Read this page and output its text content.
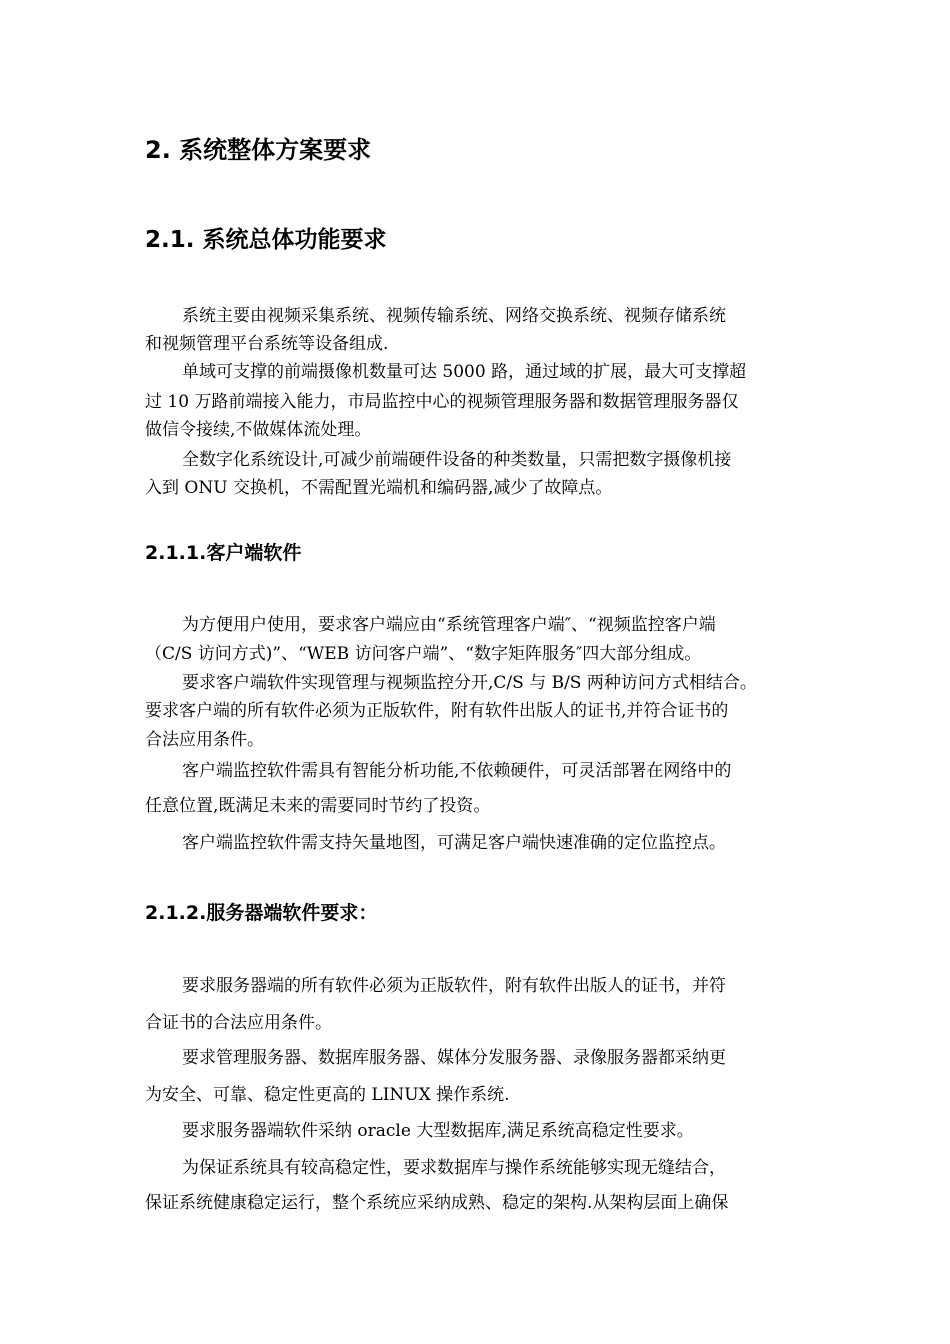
2. 系统整体方案要求
2.1. 系统总体功能要求
系统主要由视频采集系统、视频传输系统、网络交换系统、视频存储系统
和视频管理平台系统等设备组成.
单域可支撑的前端摄像机数量可达 5000 路，通过域的扩展，最大可支撑超
过 10 万路前端接入能力，市局监控中心的视频管理服务器和数据管理服务器仅
做信令接续,不做媒体流处理。
全数字化系统设计,可减少前端硬件设备的种类数量，只需把数字摄像机接
入到 ONU 交换机，不需配置光端机和编码器,减少了故障点。
2.1.1.客户端软件
为方便用户使用，要求客户端应由“系统管理客户端″、“视频监控客户端
（C/S 访问方式)”、“WEB 访问客户端”、“数字矩阵服务″四大部分组成。
要求客户端软件实现管理与视频监控分开,C/S 与 B/S 两种访问方式相结合。
要求客户端的所有软件必须为正版软件，附有软件出版人的证书,并符合证书的
合法应用条件。
客户端监控软件需具有智能分析功能,不依赖硬件，可灵活部署在网络中的
任意位置,既满足未来的需要同时节约了投资。
客户端监控软件需支持矢量地图，可满足客户端快速准确的定位监控点。
2.1.2.服务器端软件要求：
要求服务器端的所有软件必须为正版软件，附有软件出版人的证书，并符
合证书的合法应用条件。
要求管理服务器、数据库服务器、媒体分发服务器、录像服务器都采纳更
为安全、可靠、稳定性更高的 LINUX 操作系统.
要求服务器端软件采纳 oracle 大型数据库,满足系统高稳定性要求。
为保证系统具有较高稳定性，要求数据库与操作系统能够实现无缝结合，
保证系统健康稳定运行，整个系统应采纳成熟、稳定的架构.从架构层面上确保
